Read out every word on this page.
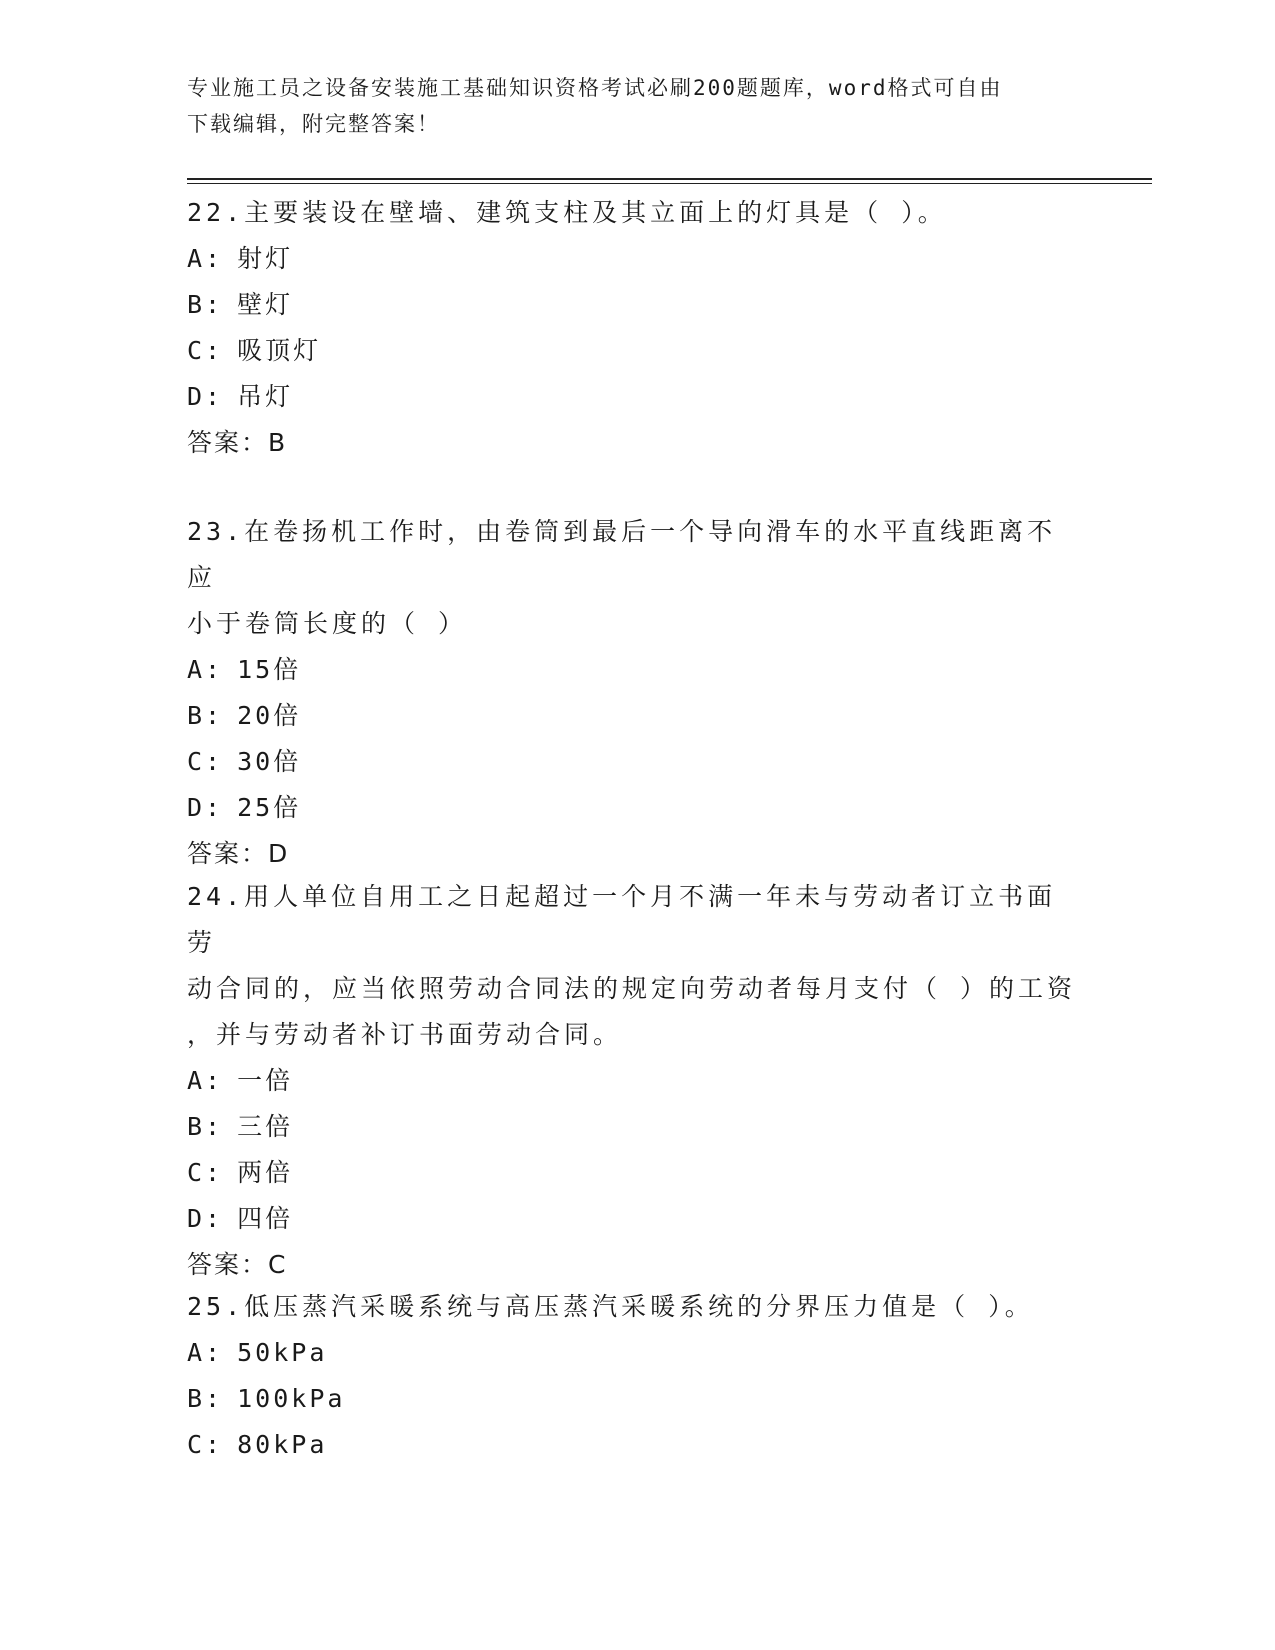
专业施工员之设备安装施工基础知识资格考试必刷200题题库，word格式可自由
下载编辑，附完整答案！

22.主要装设在壁墙、建筑支柱及其立面上的灯具是（ ）。

A: 射灯
B: 壁灯
C: 吸顶灯
D: 吊灯
答案：B

23.在卷扬机工作时，由卷筒到最后一个导向滑车的水平直线距离不应
小于卷筒长度的（ ）

A: 15倍
B: 20倍
C: 30倍
D: 25倍
答案：D

24.用人单位自用工之日起超过一个月不满一年未与劳动者订立书面劳
动合同的，应当依照劳动合同法的规定向劳动者每月支付（ ）的工资
，并与劳动者补订书面劳动合同。

A: 一倍
B: 三倍
C: 两倍
D: 四倍
答案：C

25.低压蒸汽采暖系统与高压蒸汽采暖系统的分界压力值是（ ）。

A: 50kPa
B: 100kPa
C: 80kPa
